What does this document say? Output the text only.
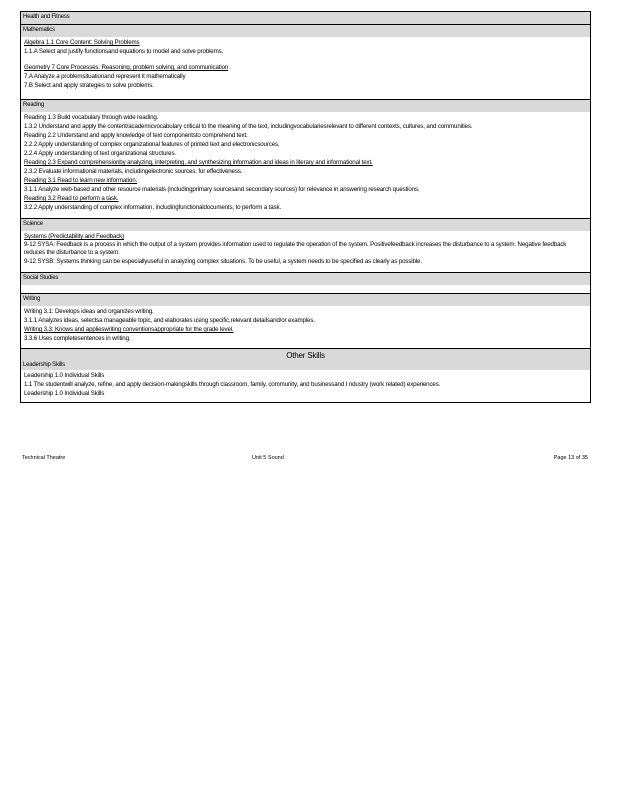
Health and Fitness
Mathematics
Algebra 1.1 Core Content: Solving Problems
1.1.A Select and justify functionsand equations to model and solve problems.
Geometry 7 Core Processes: Reasoning, problem solving, and communication
7.A Analyze a problemsituationand represent it mathematically
7.B Select and apply strategies to solve problems.
Reading
Reading 1.3 Build vocabulary through wide reading.
1.3.2 Understand and apply the content/academicvocabulary critical to the meaning of the text, includingvocabulariesrelevant to different contexts, cultures, and communities.
Reading 2.2 Understand and apply knowledge of text componentsto comprehend text.
2.2.2 Apply understanding of complex organizational features of printed text and electronicsources.
2.2.4 Apply understanding of text organizational structures.
Reading 2.3 Expand comprehensionby analyzing, interpreting, and synthesizing information and ideas in literary and informational text.
2.3.2 Evaluate informational materials, includingelectronic sources, for effectiveness.
Reading 3.1 Read to learn new information.
3.1.1 Analyze web-based and other resource materials (includingprimary sourcesand secondary sources) for relevance in answering research questions.
Reading 3.2 Read to perform a task.
3.2.2 Apply understanding of complex information, includingfunctionaldocuments, to perform a task.
Science
Systems (Predictability and Feedback)
9-12 SYSA: Feedback is a process in which the output of a system provides information used to regulate the operation of the system. Positivefeedback increases the disturbance to a system. Negative feedback reduces the disturbance to a system.
9-12 SYSB: Systems thinking can be especiallyuseful in analyzing complex situations. To be useful, a system needs to be specified as clearly as possible.
Social Studies
Writing
Writing 3.1: Develops ideas and organizes writing.
3.1.1 Analyzes ideas, selectsa manageable topic, and elaborates using specific,relevant detailsand/or examples.
Writing 3.3: Knows and applieswriting conventionsappropriate for the grade level.
3.3.6 Uses completesentences in writing.
Other Skills
Leadership Skills
Leadership 1.0 Individual Skills
1.1 The studentwill analyze, refine, and apply decision-makingskills through classroom, family, community, and businessand I ndustry (work related) experiences.
Leadership 1.0 Individual Skills
Technical Theatre	Unit 5 Sound	Page 13 of 35
